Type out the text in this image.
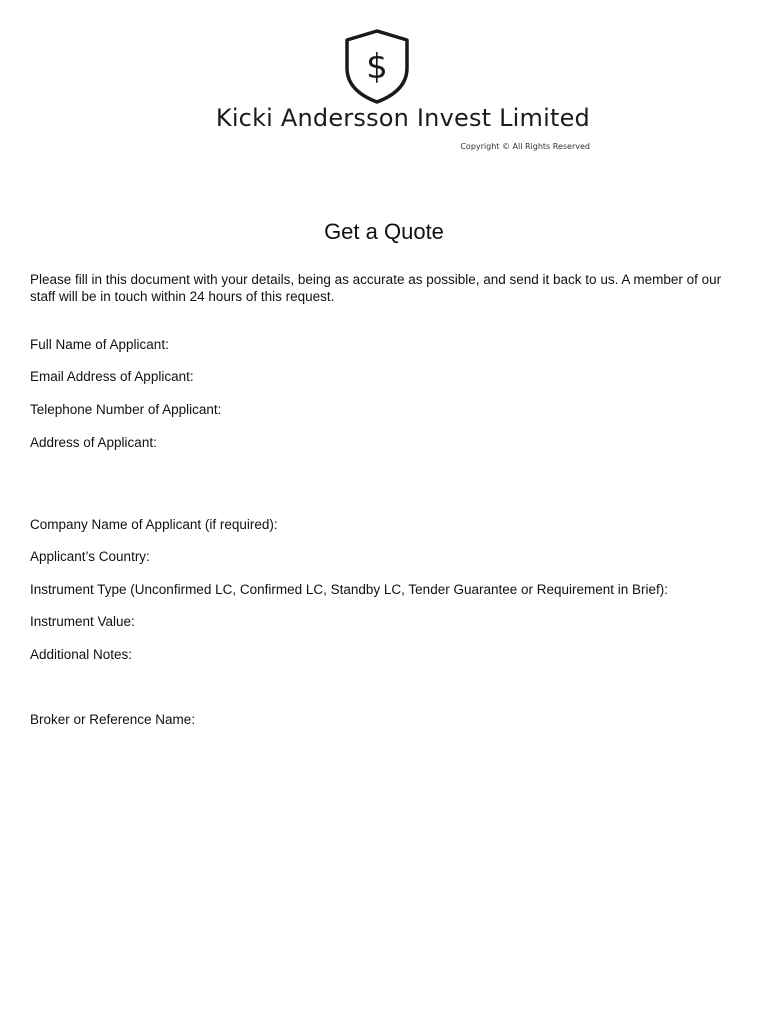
$
Kicki Andersson Invest Limited
Copyright © All Rights Reserved
Get a Quote
Please fill in this document with your details, being as accurate as possible, and send it back to us. A member of our staff will be in touch within 24 hours of this request.
Full Name of Applicant:
Email Address of Applicant:
Telephone Number of Applicant:
Address of Applicant:
Company Name of Applicant (if required):
Applicant’s Country:
Instrument Type (Unconfirmed LC, Confirmed LC, Standby LC, Tender Guarantee or Requirement in Brief):
Instrument Value:
Additional Notes:
Broker or Reference Name:
